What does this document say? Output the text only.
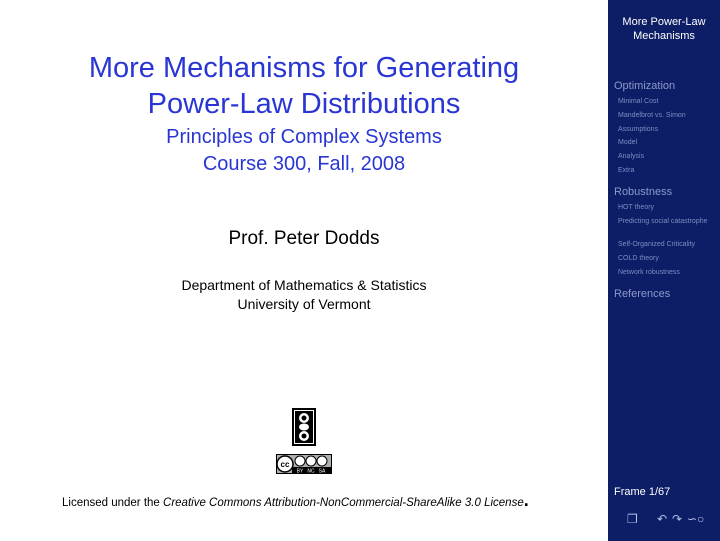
More Mechanisms for Generating
Power-Law Distributions
Principles of Complex Systems
Course 300, Fall, 2008
Prof. Peter Dodds
Department of Mathematics & Statistics
University of Vermont
cc
BY NC SA
Licensed under the Creative Commons Attribution-NonCommercial-ShareAlike 3.0 License.
More Power-Law
Mechanisms
Optimization
Minimal Cost
Mandelbrot vs. Simon
Assumptions
Model
Analysis
Extra
Robustness
HOT theory
Predicting social catastrophe
Self-Organized Criticality
COLD theory
Network robustness
References
Frame 1/67
❐ ↶ ↷ ∽○
